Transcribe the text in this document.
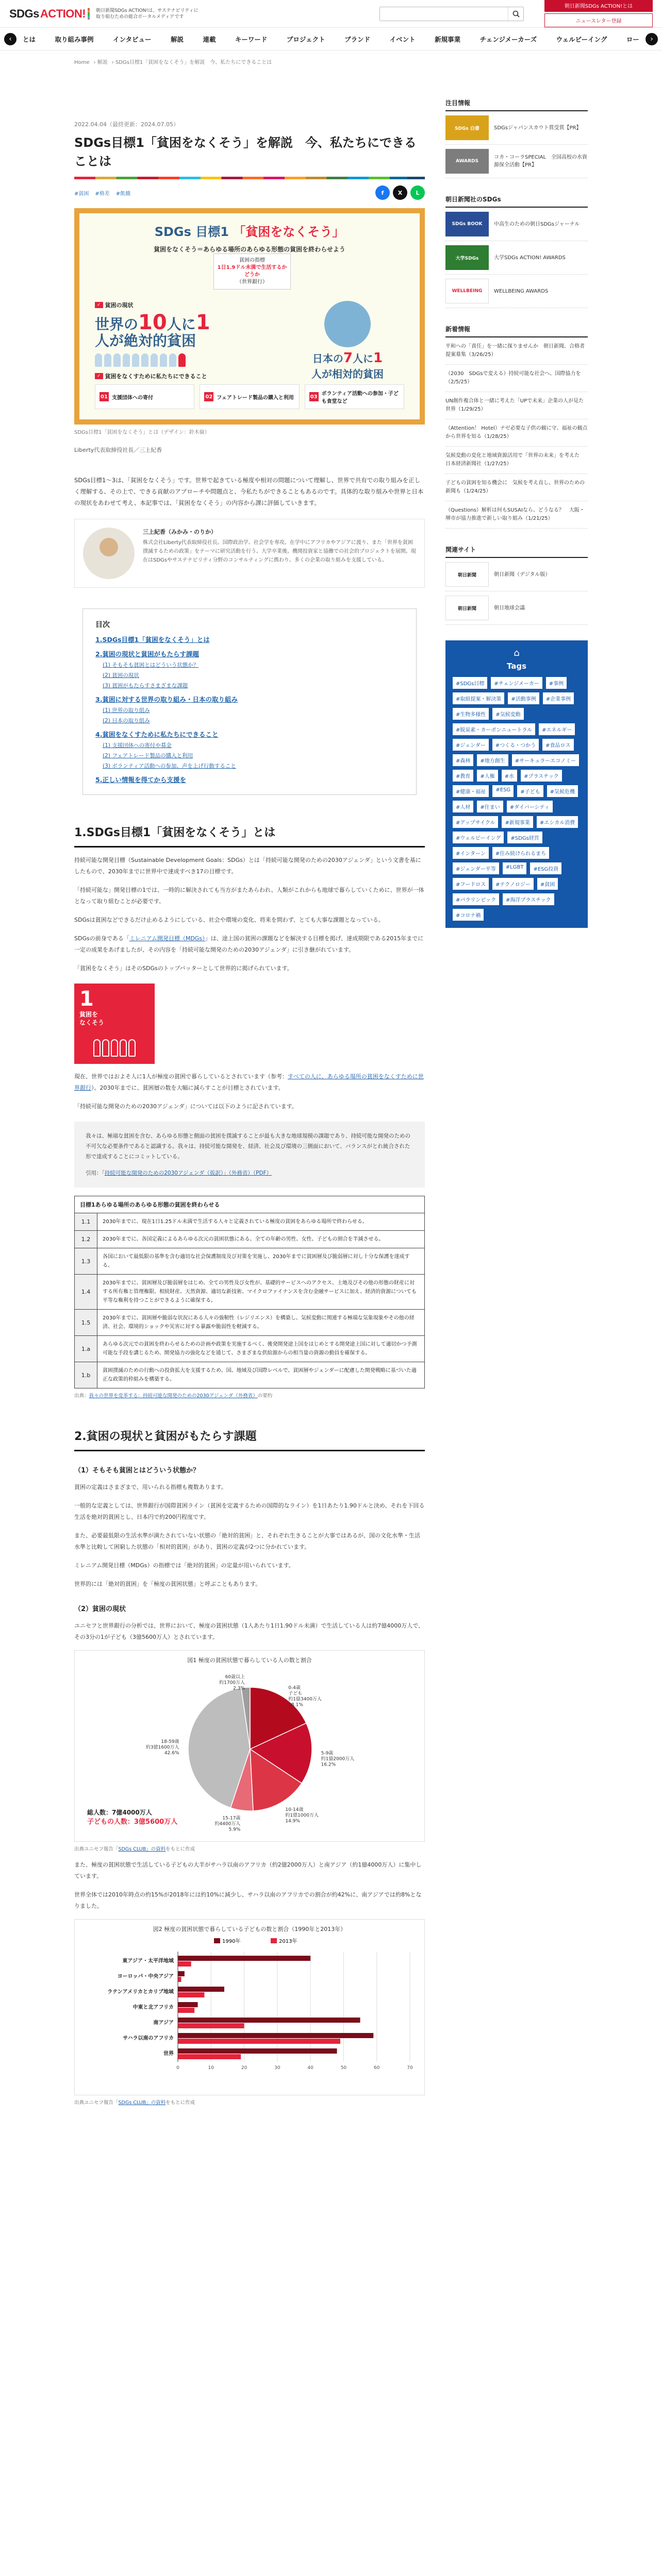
SDGs ACTION! 朝日新聞SDGs ACTION!は、サステナビリティに取り組むための総合ポータルメディアです
朝日新聞SDGs ACTION!とは
ニュースレター登録
‹	とは	取り組み事例	インタビュー	解説	連載	キーワード	プロジェクト	ブランド	イベント	新規事業	チェンジメーカーズ	ウェルビーイング	ロー	›
Home › 解説 › SDGs目標1「貧困をなくそう」を解説　今、私たちにできることは
2022.04.04（最終更新：2024.07.05）
SDGs目標1「貧困をなくそう」を解説　今、私たちにできることは
#貧困 #格差 #飢餓	f	X	L
SDGs 目標1 「貧困をなくそう」
貧困をなくそう＝あらゆる場所のあらゆる形態の貧困を終わらせよう
貧困の指標
1日1.9ドル未満で生活するかどうか
（世界銀行）
✓ 貧困の現状
世界の10人に1
人が絶対的貧困
日本の7人に1
人が相対的貧困
✓ 貧困をなくすために私たちにできること
01 支援団体への寄付	02 フェアトレード製品の購入と利用	03 ボランティア活動への参加・子ども食堂など
SDGs目標1「貧困をなくそう」とは（デザイン：鈴木倫）
Liberty代表取締役社長／三上紀香

SDGs目標1〜3は、「貧困をなくそう」です。世界で起きている極度や相対の問題について理解し、世界で共有での取り組みを正しく理解する、その上で、できる貢献のアプローチや問題点と、今私たちができることもあるのです。具体的な取り組みや世界と日本の現状をあわせて考え、本記事では、「貧困をなくそう」の内容から課に評価していきます。

三上紀香（みかみ・のりか）
株式会社Liberty代表取締役社長。国際政治学、社会学を専攻。在学中にアフリカやアジアに渡り、また「世界を貧困撲滅するための政策」をテーマに研究活動を行う。大学卒業後、機関投資家と協働での社会的プロジェクトを展開。現在はSDGsやサステナビリティ分野のコンサルティングに携わり、多くの企業の取り組みを支援している。
目次
1.SDGs目標1「貧困をなくそう」とは
2.貧困の現状と貧困がもたらす課題
(1) そもそも貧困とはどういう状態か？
(2) 貧困の現状
(3) 貧困がもたらすさまざまな課題
3.貧困に対する世界の取り組み・日本の取り組み
(1) 世界の取り組み
(2) 日本の取り組み
4.貧困をなくすために私たちにできること
(1) 支援団体への寄付や募金
(2) フェアトレード製品の購入と利用
(3) ボランティア活動への参加、声を上げ行動すること
5.正しい情報を得てから支援を
1.SDGs目標1「貧困をなくそう」とは

持続可能な開発目標（Sustainable Development Goals：SDGs）とは「持続可能な開発のための2030アジェンダ」という文書を基にしたもので、2030年までに世界中で達成すべき17の目標です。

「持続可能な」開発目標の1では、一時的に解決されても当方がまたあらわれ、人類がこれからも地球で暮らしていくために、世界が一体となって取り組むことが必要です。

SDGsは貧困などできるだけ止めるようにしている、社会や環境の変化、将来を問わず、とても大事な課題となっている。

SDGsの前身である「ミレニアム開発目標（MDGs）」は、途上国の貧困の課題などを解決する目標を掲げ、達成期限である2015年までに一定の成果をあげましたが、その内容を「持続可能な開発のための2030アジェンダ」に引き継がれています。

「貧困をなくそう」はそのSDGsのトップバッターとして世界的に掲げられています。

1
貧困を
なくそう

現在、世界ではおよそ人に1人が極度の貧困で暮らしているとされています（参考：すべての人に、あらゆる場所の貧困をなくすために世界銀行）。2030年までに、貧困層の数を大幅に減らすことが目標とされています。

「持続可能な開発のための2030アジェンダ」については以下のように記されています。

我々は、極端な貧困を含む、あらゆる形態と側面の貧困を撲滅することが最も大きな地球規模の課題であり、持続可能な開発のための不可欠な必要条件であると認識する。我々は、持続可能な開発を、経済、社会及び環境の三側面において、バランスがとれ統合された形で達成することにコミットしている。
引用：「持続可能な開発のための2030アジェンダ（仮訳）」（外務省）（PDF）
目標1あらゆる場所のあらゆる形態の貧困を終わらせる
1.1	2030年までに、現在1日1.25ドル未満で生活する人々と定義されている極度の貧困をあらゆる場所で終わらせる。
1.2	2030年までに、各国定義によるあらゆる次元の貧困状態にある、全ての年齢の男性、女性、子どもの割合を半減させる。
1.3
各国において最低限の基準を含む適切な社会保護制度及び対策を実施し、2030年までに貧困層及び脆弱層に対し十分な保護を達成する。
1.4
2030年までに、貧困層及び脆弱層をはじめ、全ての男性及び女性が、基礎的サービスへのアクセス、土地及びその他の形態の財産に対する所有権と管理権限、相続財産、天然資源、適切な新技術、マイクロファイナンスを含む金融サービスに加え、経済的資源についても平等な権利を持つことができるように確保する。
1.5
2030年までに、貧困層や脆弱な状況にある人々の強靭性（レジリエンス）を構築し、気候変動に関連する極端な気象現象やその他の経済、社会、環境的ショックや災害に対する暴露や脆弱性を軽減する。
1.a
あらゆる次元での貧困を終わらせるための計画や政策を実施するべく、後発開発途上国をはじめとする開発途上国に対して適切かつ予測可能な手段を講じるため、開発協力の強化などを通じて、さまざまな供給源からの相当量の資源の動員を確保する。
1.b
貧困撲滅のための行動への投資拡大を支援するため、国、地域及び国際レベルで、貧困層やジェンダーに配慮した開発戦略に基づいた適正な政策的枠組みを構築する。
出典：我々の世界を変革する：持続可能な開発のための2030アジェンダ（外務省）の要約
2.貧困の現状と貧困がもたらす課題
（1）そもそも貧困とはどういう状態か？

貧困の定義はさまざまで、用いられる指標も複数あります。

一般的な定義としては、世界銀行が国際貧困ライン（貧困を定義するための国際的なライン）を1日あたり1.90ドルと決め、それを下回る生活を絶対的貧困とし、日本円で約200円程度です。

また、必要最低限の生活水準が満たされていない状態の「絶対的貧困」と、それぞれ生きることが大事ではあるが、国の文化水準・生活水準と比較して困窮した状態の「相対的貧困」があり、貧困の定義が2つに分かれています。

ミレニアム開発目標（MDGs）の指標では「絶対的貧困」の定量が用いられています。

世界的には「絶対的貧困」を「極度の貧困状態」と呼ぶこともあります。

（2）貧困の現状

ユニセフと世界銀行の分析では、世界において、極度の貧困状態（1人あたり1日1.90ドル未満）で生活している人は約7億4000万人で、その3分の1が子ども（3億5600万人）とされています。

図1 極度の貧困状態で暮らしている人の数と割合
0-4歳子ども約1億3400万人 18.1%
5-9歳約1億2000万人 16.2%
10-14歳約1億1000万人 14.9%
15-17歳約4400万人 5.9%
18-59歳約3億1600万人 42.6%
60歳以上約1700万人 2.3%
総人数：7億4000万人
子どもの人数：3億5600万人
出典ユニセフ報告「SDGs CLUB」の資料をもとに作成

また、極度の貧困状態で生活している子どもの大半がサハラ以南のアフリカ（約2億2000万人）と南アジア（約1億4000万人）に集中しています。

世界全体では2010年時点の約15%が2018年には約10%に減少し、サハラ以南のアフリカでの割合が約42%に、南アジアでは約8%となりました。

図2 極度の貧困状態で暮らしている子どもの数と割合（1990年と2013年）
1990年	2013年
0	10	20	30	40	50	60	70
東アジア・太平洋地域
ヨーロッパ・中央アジア
ラテンアメリカとカリブ地域
中東と北アフリカ
南アジア
サハラ以南のアフリカ
世界
出典ユニセフ報告「SDGs CLUB」の資料をもとに作成
注目情報
SDGs 白書	SDGsジャパンスカウト賞受賞【PR】
AWARDS
コカ・コーラSPECIAL　全国高校の水資源保全活動【PR】
朝日新聞社のSDGs
SDGs BOOK	中高生のための朝日SDGsジャーナル
大学SDGs	大学SDGs ACTION! AWARDS
WELLBEING	WELLBEING AWARDS
新着情報
平和への「責任」を一緒に探りませんか　朝日新聞、合格者提案募集（3/26/25）
（2030　SDGsで変える）持続可能な社会へ、国際協力を（2/5/25）
UN創作複合体と一緒に考えた「UPで未来」企業の人が見た世界（1/29/25）
（Attention！ Hotel）ナゼ必要な子供の観に守、福祉の観点から世界を知る（1/28/25）
気候変動の変化と地域資源活用で「世界の未来」を考えた　日本経済新聞社（1/27/25）
子どもの貧困を知る機会に　気候を考え直し、世界のための新聞も（1/24/25）
（Questions）解析は何もSUSAIなら、どうなる？　大阪・堺市が協力推進で新しい取り組み（1/21/25）
関連サイト
朝日新聞	朝日新聞（デジタル版）
朝日新聞	朝日地球会議
⌂
Tags
#SDGs目標	#チェンジメーカー	#事例
#取組提案・解決策	#活動事例	#企業事例
#生物多様性	#気候変動
#脱炭素・カーボンニュートラル	#エネルギー
#ジェンダー	#つくる・つかう	#食品ロス
#森林	#地方創生	#サーキュラーエコノミー
#教育	#人権	#水	#プラスチック
#健康・福祉	#ESG	#子ども	#気候危機
#人材	#住まい	#ダイバーシティ
#アップサイクル	#新規事業	#エシカル消費
#ウェルビーイング	#SDGs経営
#インターン	#住み続けられるまち
#ジェンダー平等	#LGBT	#ESG投資
#フードロス	#テクノロジー	#貧困
#パラリンピック	#海洋プラスチック
#コロナ禍
